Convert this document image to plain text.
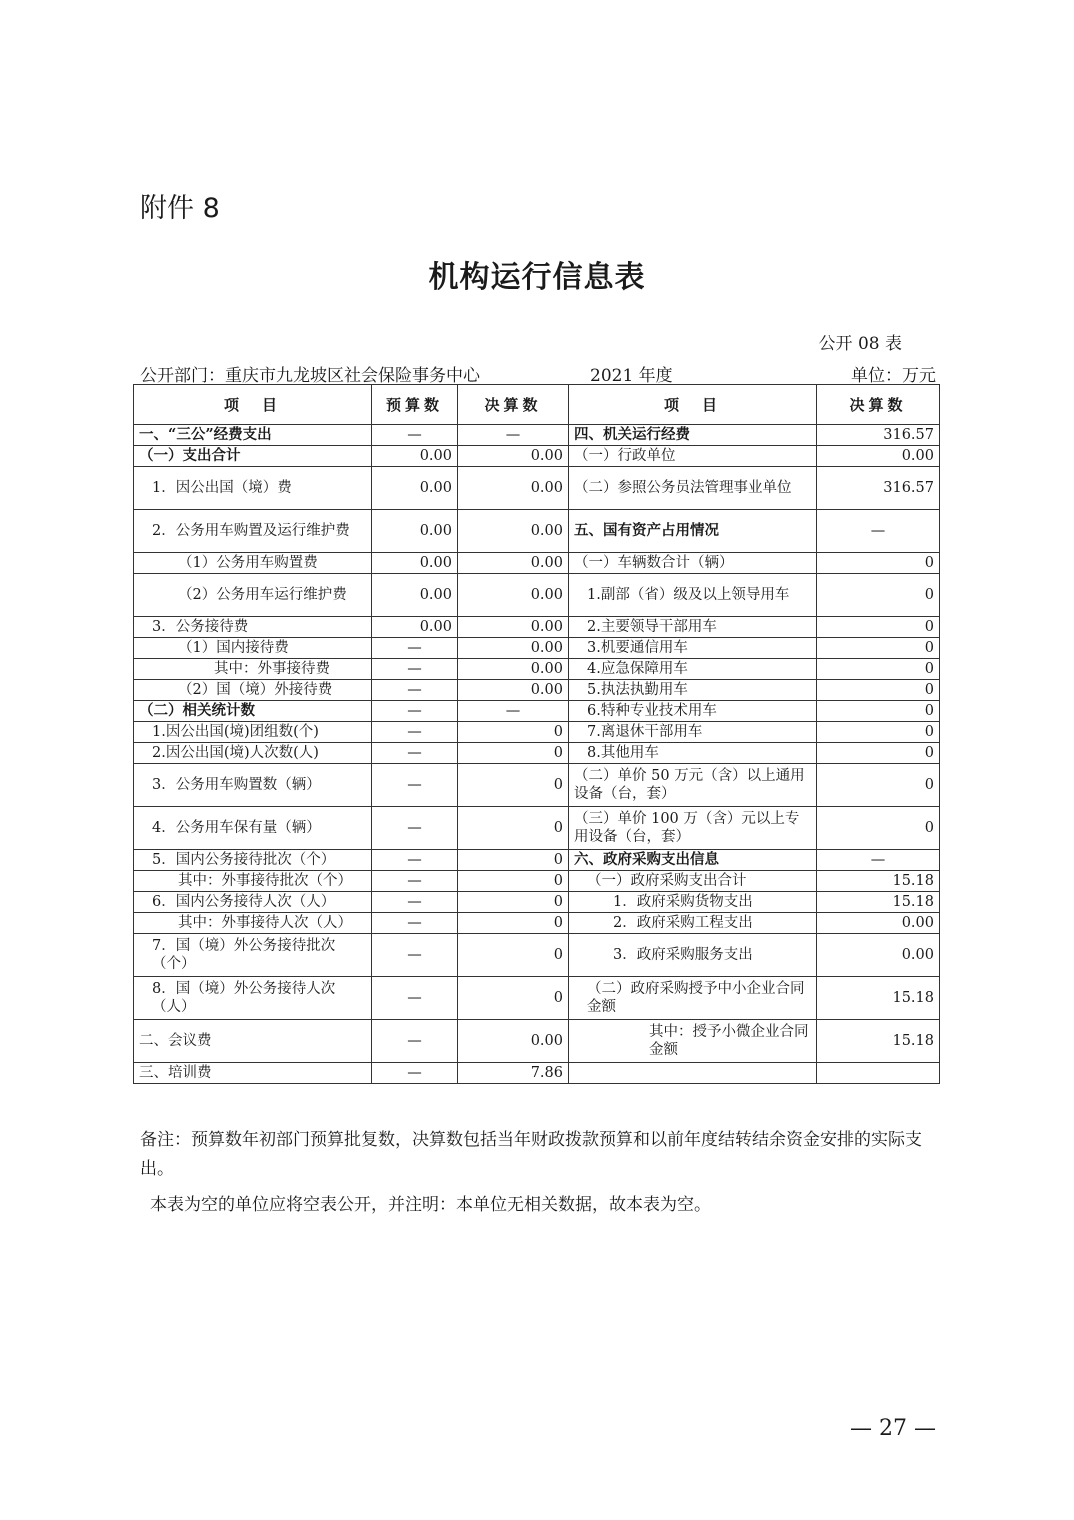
附件 8
机构运行信息表
公开 08 表
公开部门：重庆市九龙坡区社会保险事务中心	2021 年度	单位：万元
项　目	预算数	决算数	项　目	决算数
一、“三公”经费支出	—	—	四、机关运行经费	316.57
（一）支出合计	0.00	0.00	（一）行政单位	0.00
1．因公出国（境）费	0.00	0.00	（二）参照公务员法管理事业单位	316.57
2．公务用车购置及运行维护费	0.00	0.00	五、国有资产占用情况	—
（1）公务用车购置费	0.00	0.00	（一）车辆数合计（辆）	0
（2）公务用车运行维护费	0.00	0.00	1.副部（省）级及以上领导用车	0
3．公务接待费	0.00	0.00	2.主要领导干部用车	0
（1）国内接待费	—	0.00	3.机要通信用车	0
其中：外事接待费	—	0.00	4.应急保障用车	0
（2）国（境）外接待费	—	0.00	5.执法执勤用车	0
（二）相关统计数	—	—	6.特种专业技术用车	0
1.因公出国(境)团组数(个)	—	0	7.离退休干部用车	0
2.因公出国(境)人次数(人)	—	0	8.其他用车	0
3．公务用车购置数（辆）	—	0	（二）单价 50 万元（含）以上通用设备（台，套）	0
4．公务用车保有量（辆）	—	0	（三）单价 100 万（含）元以上专用设备（台，套）	0
5．国内公务接待批次（个）	—	0	六、政府采购支出信息	—
其中：外事接待批次（个）	—	0	（一）政府采购支出合计	15.18
6．国内公务接待人次（人）	—	0	1．政府采购货物支出	15.18
其中：外事接待人次（人）	—	0	2．政府采购工程支出	0.00
7．国（境）外公务接待批次（个）	—	0	3．政府采购服务支出	0.00
8．国（境）外公务接待人次（人）	—	0	（二）政府采购授予中小企业合同金额	15.18
二、会议费	—	0.00	其中：授予小微企业合同金额	15.18
三、培训费	—	7.86		
备注：预算数年初部门预算批复数，决算数包括当年财政拨款预算和以前年度结转结余资金安排的实际支出。
本表为空的单位应将空表公开，并注明：本单位无相关数据，故本表为空。
— 27 —
